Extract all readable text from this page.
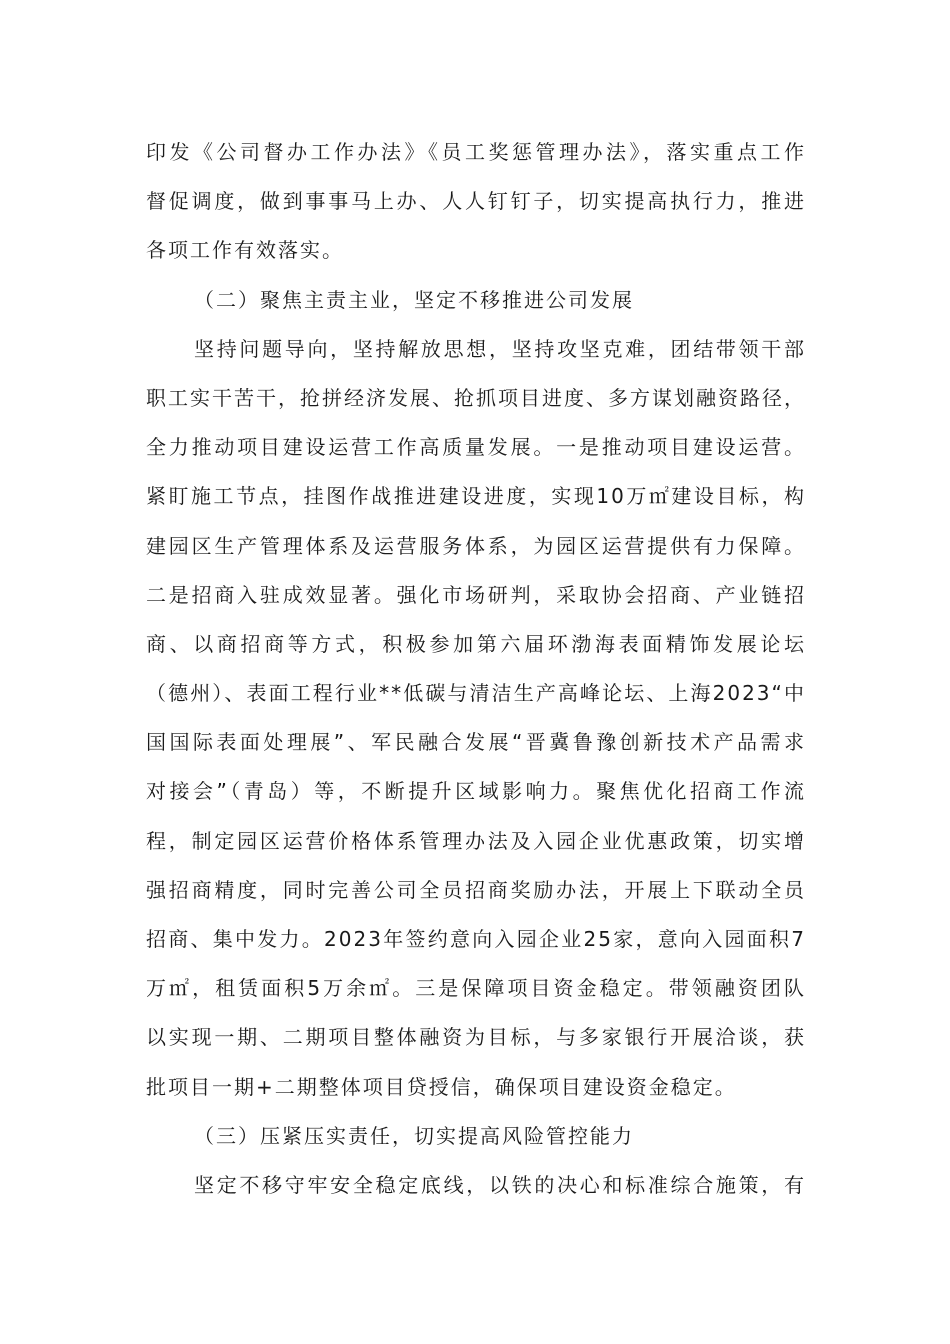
印发《公司督办工作办法》《员工奖惩管理办法》，落实重点工作
督促调度，做到事事马上办、人人钉钉子，切实提高执行力，推进
各项工作有效落实。
（二）聚焦主责主业，坚定不移推进公司发展
坚持问题导向，坚持解放思想，坚持攻坚克难，团结带领干部
职工实干苦干，抢拼经济发展、抢抓项目进度、多方谋划融资路径，
全力推动项目建设运营工作高质量发展。一是推动项目建设运营。
紧盯施工节点，挂图作战推进建设进度，实现10万㎡建设目标，构
建园区生产管理体系及运营服务体系，为园区运营提供有力保障。
二是招商入驻成效显著。强化市场研判，采取协会招商、产业链招
商、以商招商等方式，积极参加第六届环渤海表面精饰发展论坛
（德州）、表面工程行业**低碳与清洁生产高峰论坛、上海2023“中
国国际表面处理展”、军民融合发展“晋冀鲁豫创新技术产品需求
对接会”（青岛）等，不断提升区域影响力。聚焦优化招商工作流
程，制定园区运营价格体系管理办法及入园企业优惠政策，切实增
强招商精度，同时完善公司全员招商奖励办法，开展上下联动全员
招商、集中发力。2023年签约意向入园企业25家，意向入园面积7
万㎡，租赁面积5万余㎡。三是保障项目资金稳定。带领融资团队
以实现一期、二期项目整体融资为目标，与多家银行开展洽谈，获
批项目一期+二期整体项目贷授信，确保项目建设资金稳定。
（三）压紧压实责任，切实提高风险管控能力
坚定不移守牢安全稳定底线，以铁的决心和标准综合施策，有
